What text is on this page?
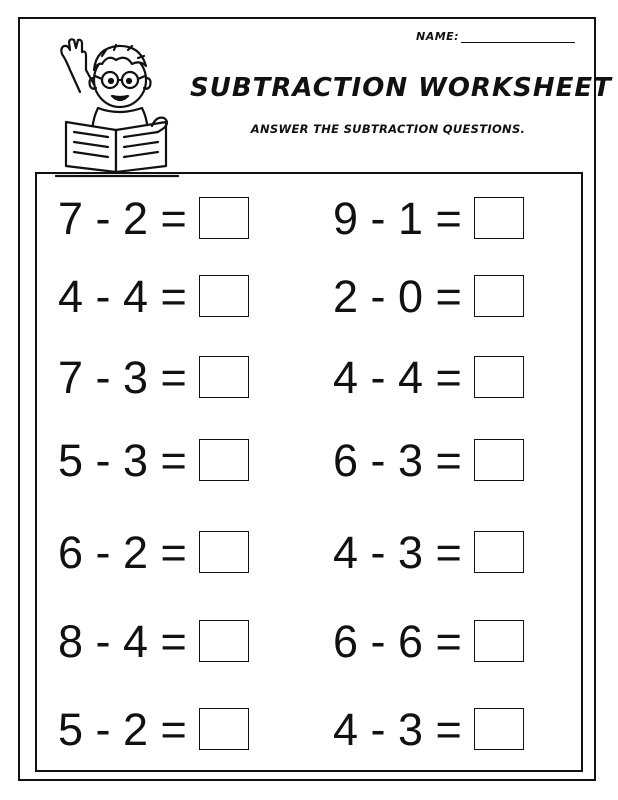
NAME:
SUBTRACTION WORKSHEET
ANSWER THE SUBTRACTION QUESTIONS.
7 - 2 =
4 - 4 =
7 - 3 =
5 - 3 =
6 - 2 =
8 - 4 =
5 - 2 =
9 - 1 =
2 - 0 =
4 - 4 =
6 - 3 =
4 - 3 =
6 - 6 =
4 - 3 =
